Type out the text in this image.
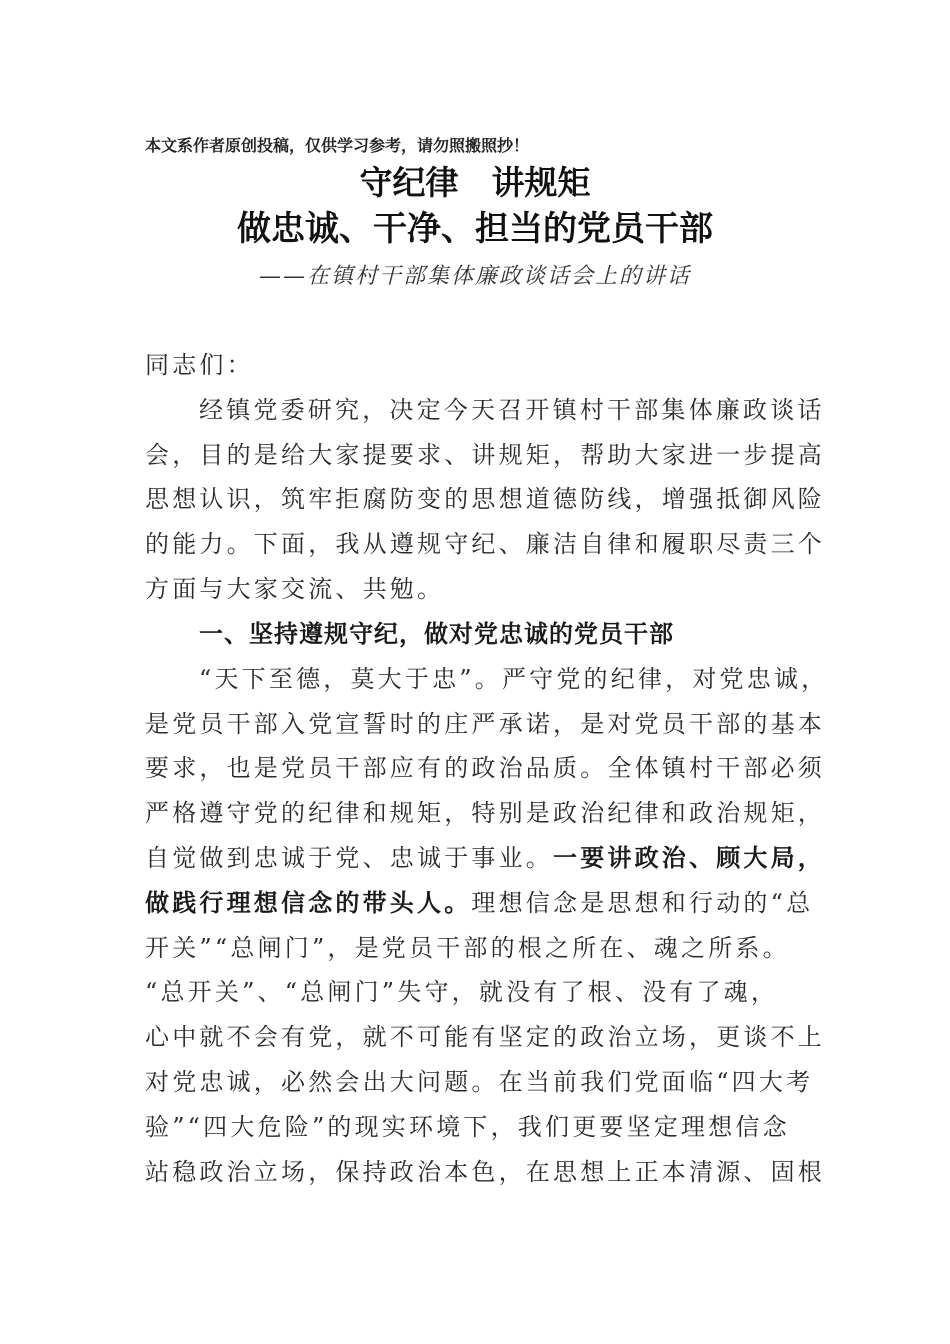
本文系作者原创投稿，仅供学习参考，请勿照搬照抄！
守纪律　讲规矩
做忠诚、干净、担当的党员干部
——在镇村干部集体廉政谈话会上的讲话
同志们：
经镇党委研究，决定今天召开镇村干部集体廉政谈话
会，目的是给大家提要求、讲规矩，帮助大家进一步提高
思想认识，筑牢拒腐防变的思想道德防线，增强抵御风险
的能力。下面，我从遵规守纪、廉洁自律和履职尽责三个
方面与大家交流、共勉。
一、坚持遵规守纪，做对党忠诚的党员干部
“天下至德，莫大于忠”。严守党的纪律，对党忠诚，
是党员干部入党宣誓时的庄严承诺，是对党员干部的基本
要求，也是党员干部应有的政治品质。全体镇村干部必须
严格遵守党的纪律和规矩，特别是政治纪律和政治规矩，
自觉做到忠诚于党、忠诚于事业。一要讲政治、顾大局，
做践行理想信念的带头人。理想信念是思想和行动的“总
开关”“总闸门”，是党员干部的根之所在、魂之所系。
“总开关”、“总闸门”失守，就没有了根、没有了魂，
心中就不会有党，就不可能有坚定的政治立场，更谈不上
对党忠诚，必然会出大问题。在当前我们党面临“四大考
验”“四大危险”的现实环境下，我们更要坚定理想信念
站稳政治立场，保持政治本色，在思想上正本清源、固根
